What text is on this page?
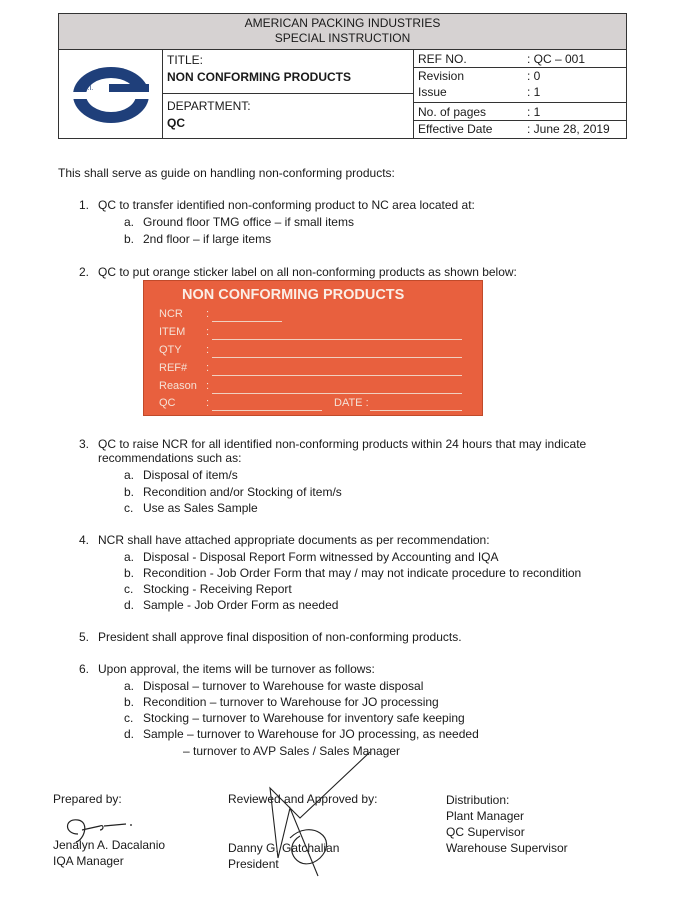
AMERICAN PACKING INDUSTRIES
SPECIAL INSTRUCTION
A.P.I.
TITLE:
NON CONFORMING PRODUCTS
DEPARTMENT:
QC
REF NO.	: QC – 001
Revision	: 0
Issue	: 1
No. of pages	: 1
Effective Date	: June 28, 2019
This shall serve as guide on handling non-conforming products:
1. QC to transfer identified non-conforming product to NC area located at:
a. Ground floor TMG office – if small items
b. 2nd floor – if large items
2. QC to put orange sticker label on all non-conforming products as shown below:
NON CONFORMING PRODUCTS
NCR :
ITEM :
QTY :
REF# :
Reason :
QC	:	DATE :
3. QC to raise NCR for all identified non-conforming products within 24 hours that may indicate
recommendations such as:
a. Disposal of item/s
b. Recondition and/or Stocking of item/s
c. Use as Sales Sample
4. NCR shall have attached appropriate documents as per recommendation:
a. Disposal - Disposal Report Form witnessed by Accounting and IQA
b. Recondition - Job Order Form that may / may not indicate procedure to recondition
c. Stocking - Receiving Report
d. Sample - Job Order Form as needed
5. President shall approve final disposition of non-conforming products.
6. Upon approval, the items will be turnover as follows:
a. Disposal – turnover to Warehouse for waste disposal
b. Recondition – turnover to Warehouse for JO processing
c. Stocking – turnover to Warehouse for inventory safe keeping
d. Sample – turnover to Warehouse for JO processing, as needed
– turnover to AVP Sales / Sales Manager
Prepared by:
Jenalyn A. Dacalanio
IQA Manager
Reviewed and Approved by:
Danny G. Gatchalian
President
Distribution:
Plant Manager
QC Supervisor
Warehouse Supervisor
